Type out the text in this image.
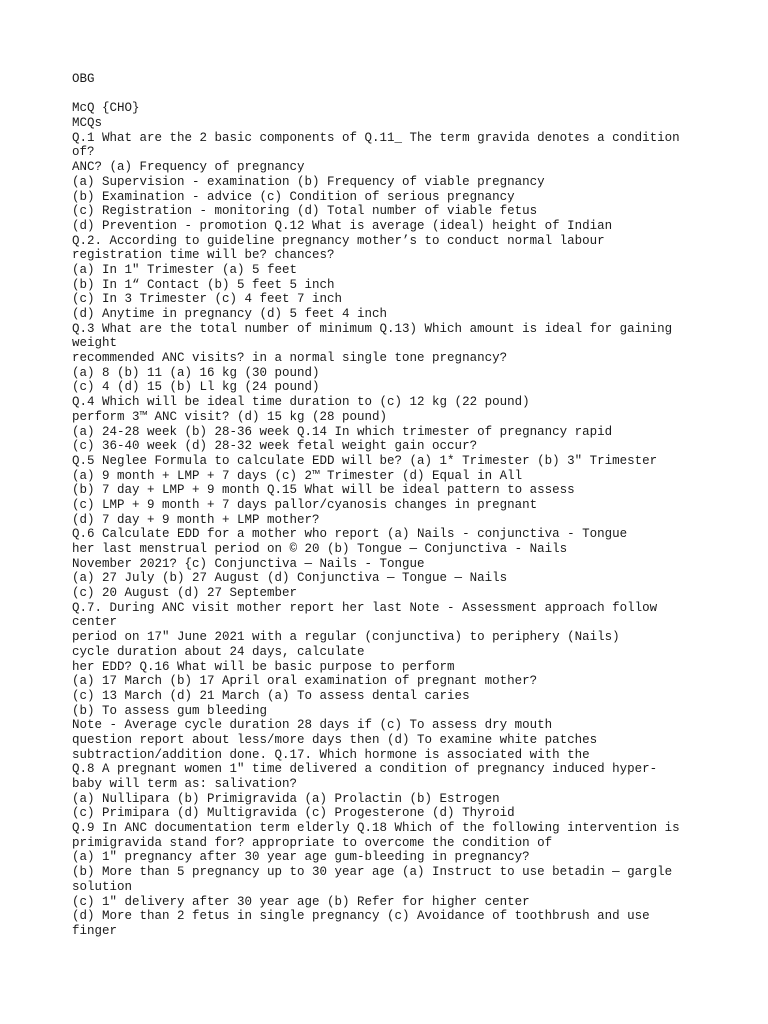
OBG
McQ {CHO}
MCQs
Q.1 What are the 2 basic components of Q.11_ The term gravida denotes a condition
of?
ANC? (a) Frequency of pregnancy
(a) Supervision - examination (b) Frequency of viable pregnancy
(b) Examination - advice (c) Condition of serious pregnancy
(c) Registration - monitoring (d) Total number of viable fetus
(d) Prevention - promotion Q.12 What is average (ideal) height of Indian
Q.2. According to guideline pregnancy mother’s to conduct normal labour
registration time will be? chances?
(a) In 1" Trimester (a) 5 feet
(b) In 1“ Contact (b) 5 feet 5 inch
(c) In 3 Trimester (c) 4 feet 7 inch
(d) Anytime in pregnancy (d) 5 feet 4 inch
Q.3 What are the total number of minimum Q.13) Which amount is ideal for gaining
weight
recommended ANC visits? in a normal single tone pregnancy?
(a) 8 (b) 11 (a) 16 kg (30 pound)
(c) 4 (d) 15 (b) Ll kg (24 pound)
Q.4 Which will be ideal time duration to (c) 12 kg (22 pound)
perform 3™ ANC visit? (d) 15 kg (28 pound)
(a) 24-28 week (b) 28-36 week Q.14 In which trimester of pregnancy rapid
(c) 36-40 week (d) 28-32 week fetal weight gain occur?
Q.5 Neglee Formula to calculate EDD will be? (a) 1* Trimester (b) 3" Trimester
(a) 9 month + LMP + 7 days (c) 2™ Trimester (d) Equal in All
(b) 7 day + LMP + 9 month Q.15 What will be ideal pattern to assess
(c) LMP + 9 month + 7 days pallor/cyanosis changes in pregnant
(d) 7 day + 9 month + LMP mother?
Q.6 Calculate EDD for a mother who report (a) Nails - conjunctiva - Tongue
her last menstrual period on © 20 (b) Tongue — Conjunctiva - Nails
November 2021? {c) Conjunctiva — Nails - Tongue
(a) 27 July (b) 27 August (d) Conjunctiva — Tongue — Nails
(c) 20 August (d) 27 September
Q.7. During ANC visit mother report her last Note - Assessment approach follow
center
period on 17" June 2021 with a regular (conjunctiva) to periphery (Nails)
cycle duration about 24 days, calculate
her EDD? Q.16 What will be basic purpose to perform
(a) 17 March (b) 17 April oral examination of pregnant mother?
(c) 13 March (d) 21 March (a) To assess dental caries
(b) To assess gum bleeding
Note - Average cycle duration 28 days if (c) To assess dry mouth
question report about less/more days then (d) To examine white patches
subtraction/addition done. Q.17. Which hormone is associated with the
Q.8 A pregnant women 1" time delivered a condition of pregnancy induced hyper-
baby will term as: salivation?
(a) Nullipara (b) Primigravida (a) Prolactin (b) Estrogen
(c) Primipara (d) Multigravida (c) Progesterone (d) Thyroid
Q.9 In ANC documentation term elderly Q.18 Which of the following intervention is
primigravida stand for? appropriate to overcome the condition of
(a) 1" pregnancy after 30 year age gum-bleeding in pregnancy?
(b) More than 5 pregnancy up to 30 year age (a) Instruct to use betadin — gargle
solution
(c) 1" delivery after 30 year age (b) Refer for higher center
(d) More than 2 fetus in single pregnancy (c) Avoidance of toothbrush and use
finger
